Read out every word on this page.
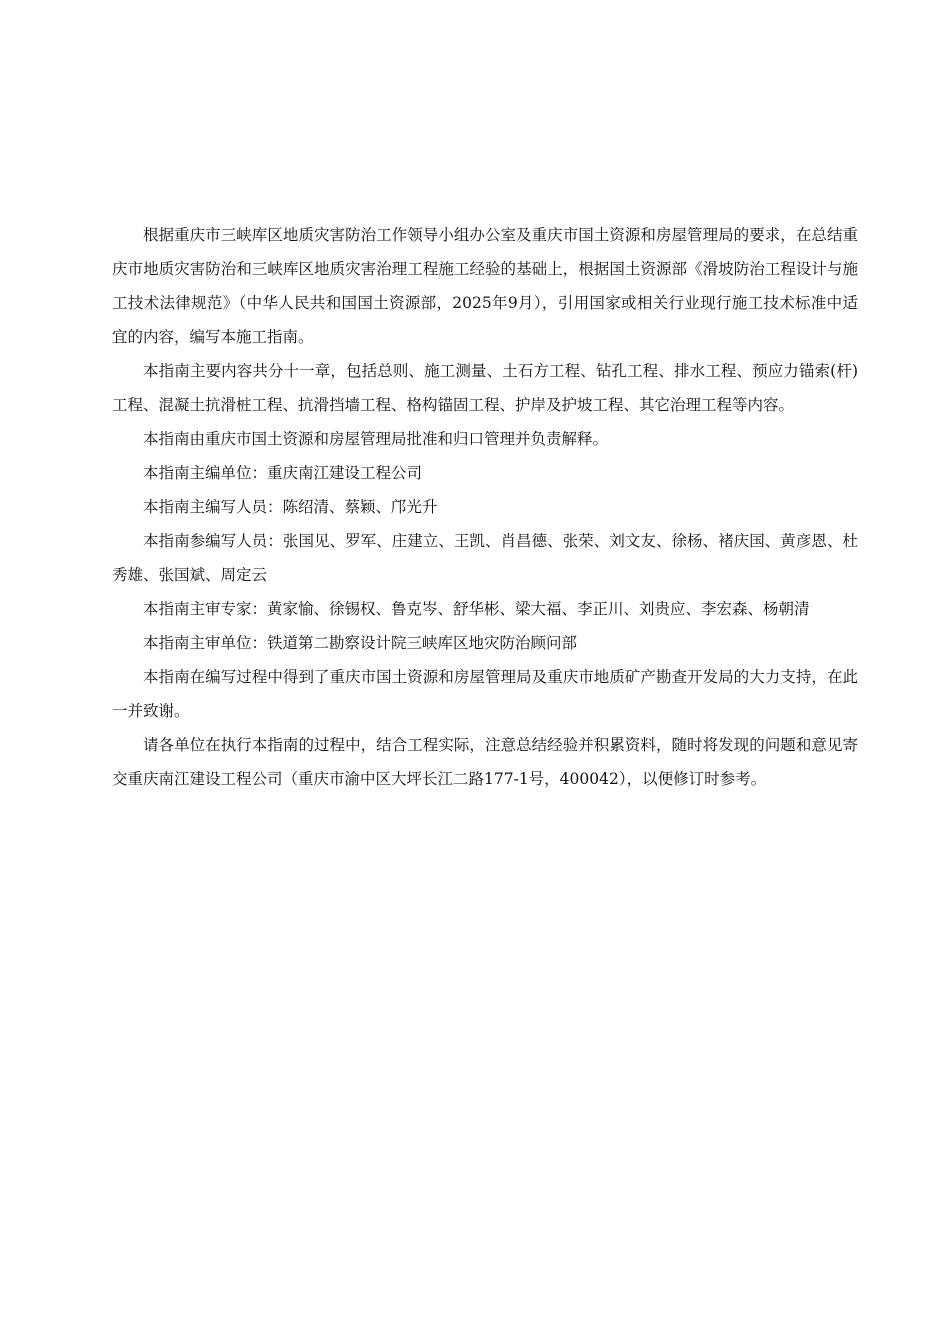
根据重庆市三峡库区地质灾害防治工作领导小组办公室及重庆市国土资源和房屋管理局的要求，在总结重庆市地质灾害防治和三峡库区地质灾害治理工程施工经验的基础上，根据国土资源部《滑坡防治工程设计与施工技术法律规范》（中华人民共和国国土资源部，2025年9月），引用国家或相关行业现行施工技术标准中适宜的内容，编写本施工指南。

本指南主要内容共分十一章，包括总则、施工测量、土石方工程、钻孔工程、排水工程、预应力锚索(杆)工程、混凝土抗滑桩工程、抗滑挡墙工程、格构锚固工程、护岸及护坡工程、其它治理工程等内容。

本指南由重庆市国土资源和房屋管理局批准和归口管理并负责解释。

本指南主编单位：重庆南江建设工程公司

本指南主编写人员：陈绍清、蔡颖、邝光升

本指南参编写人员：张国见、罗军、庄建立、王凯、肖昌德、张荣、刘文友、徐杨、褚庆国、黄彦恩、杜秀雄、张国斌、周定云

本指南主审专家：黄家愉、徐锡权、鲁克岑、舒华彬、梁大福、李正川、刘贵应、李宏森、杨朝清

本指南主审单位：铁道第二勘察设计院三峡库区地灾防治顾问部

本指南在编写过程中得到了重庆市国土资源和房屋管理局及重庆市地质矿产勘查开发局的大力支持，在此一并致谢。

请各单位在执行本指南的过程中，结合工程实际，注意总结经验并积累资料，随时将发现的问题和意见寄交重庆南江建设工程公司（重庆市渝中区大坪长江二路177-1号，400042），以便修订时参考。
